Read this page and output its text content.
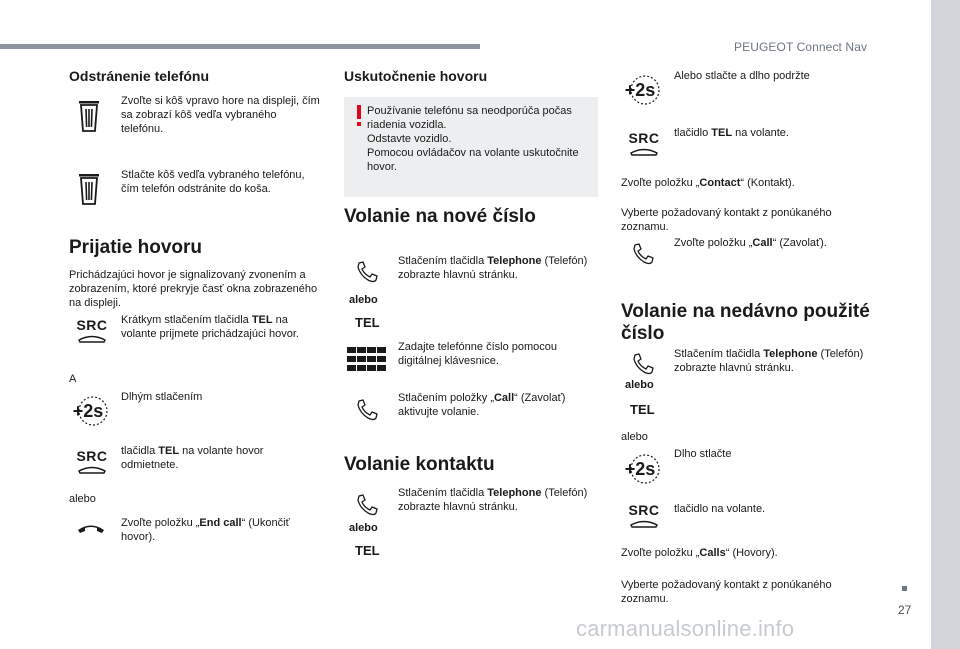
PEUGEOT Connect Nav
27
carmanualsonline.info
Odstránenie telefónu
Zvoľte si kôš vpravo hore na displeji, čím sa zobrazí kôš vedľa vybraného telefónu.
Stlačte kôš vedľa vybraného telefónu, čím telefón odstránite do koša.
Prijatie hovoru
Prichádzajúci hovor je signalizovaný zvonením a zobrazením, ktoré prekryje časť okna zobrazeného na displeji.
SRC Krátkym stlačením tlačidla TEL na volante prijmete prichádzajúci hovor.
A
+2s
Dlhým stlačením
SRC tlačidla TEL na volante hovor odmietnete.
alebo
Zvoľte položku „End call“ (Ukončiť hovor).
Uskutočnenie hovoru
Používanie telefónu sa neodporúča počas riadenia vozidla.
Odstavte vozidlo.
Pomocou ovládačov na volante uskutočnite hovor.
Volanie na nové číslo
alebo
TEL
Stlačením tlačidla Telephone (Telefón) zobrazte hlavnú stránku.
Zadajte telefónne číslo pomocou digitálnej klávesnice.
Stlačením položky „Call“ (Zavolať) aktivujte volanie.
Volanie kontaktu
alebo
TEL
Stlačením tlačidla Telephone (Telefón) zobrazte hlavnú stránku.
+2s
Alebo stlačte a dlho podržte
SRC tlačidlo TEL na volante.
Zvoľte položku „Contact“ (Kontakt).
Vyberte požadovaný kontakt z ponúkaného zoznamu.
Zvoľte položku „Call“ (Zavolať).
Volanie na nedávno použité číslo
alebo
TEL
Stlačením tlačidla Telephone (Telefón) zobrazte hlavnú stránku.
alebo
+2s
Dlho stlačte
SRC tlačidlo na volante.
Zvoľte položku „Calls“ (Hovory).
Vyberte požadovaný kontakt z ponúkaného zoznamu.
